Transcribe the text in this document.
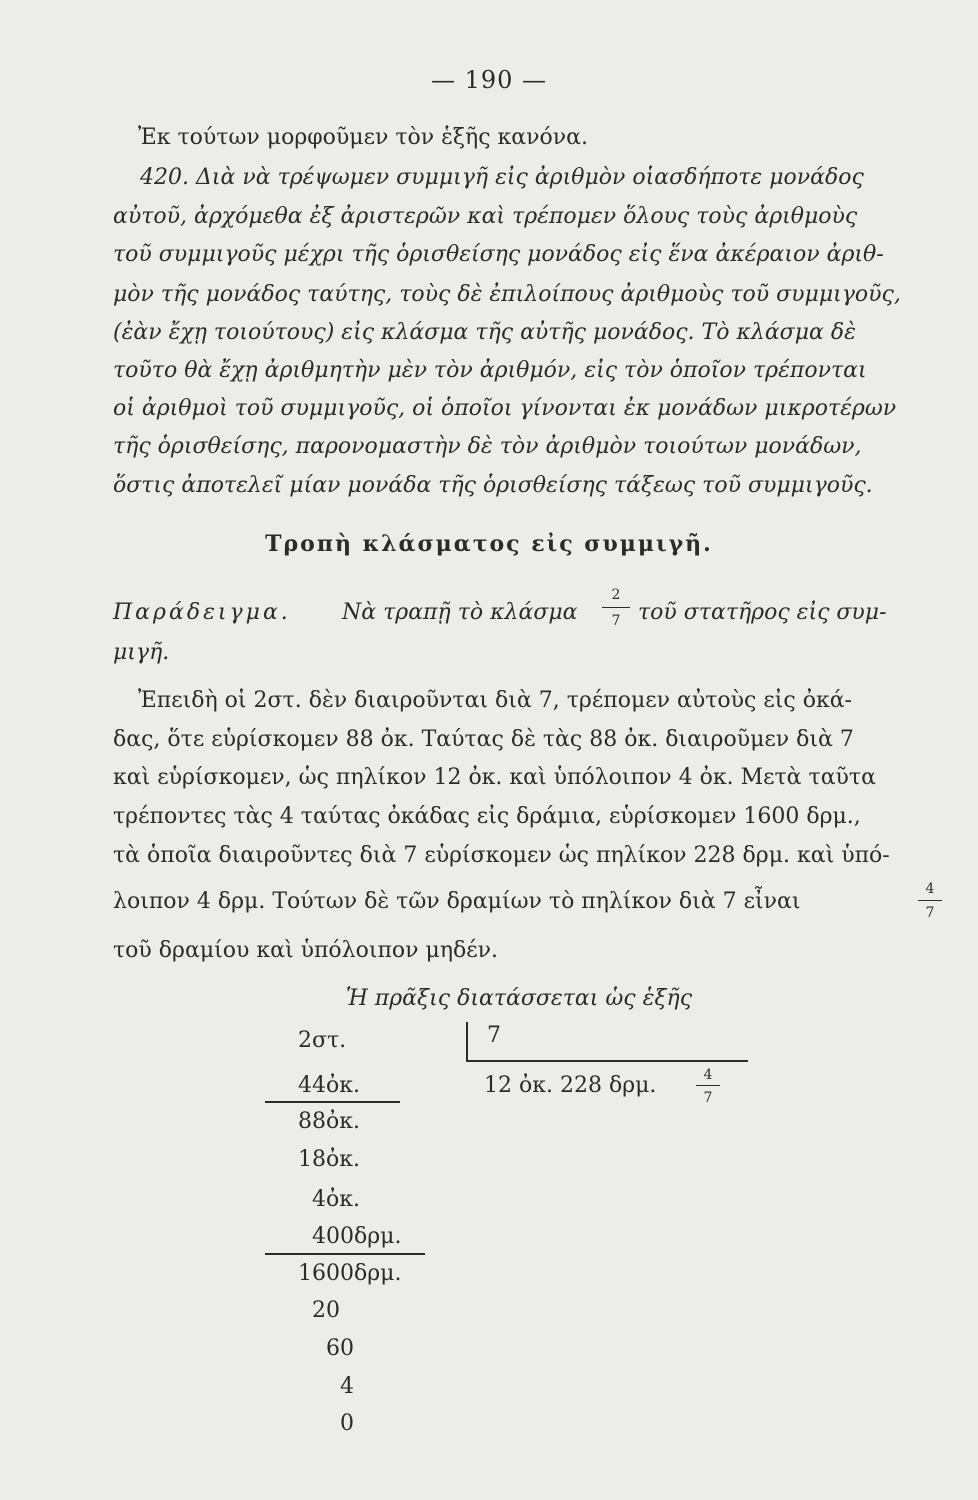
— 190 —
Ἐκ τούτων μορφοῦμεν τὸν ἑξῆς κανόνα.
420. Διὰ νὰ τρέψωμεν συμμιγῆ εἰς ἀριθμὸν οἱασδήποτε μονάδος
αὐτοῦ, ἀρχόμεθα ἐξ ἀριστερῶν καὶ τρέπομεν ὅλους τοὺς ἀριθμοὺς
τοῦ συμμιγοῦς μέχρι τῆς ὁρισθείσης μονάδος εἰς ἕνα ἀκέραιον ἀριθ-
μὸν τῆς μονάδος ταύτης, τοὺς δὲ ἐπιλοίπους ἀριθμοὺς τοῦ συμμιγοῦς,
(ἐὰν ἔχῃ τοιούτους) εἰς κλάσμα τῆς αὐτῆς μονάδος. Τὸ κλάσμα δὲ
τοῦτο θὰ ἔχῃ ἀριθμητὴν μὲν τὸν ἀριθμόν, εἰς τὸν ὁποῖον τρέπονται
οἱ ἀριθμοὶ τοῦ συμμιγοῦς, οἱ ὁποῖοι γίνονται ἐκ μονάδων μικροτέρων
τῆς ὁρισθείσης, παρονομαστὴν δὲ τὸν ἀριθμὸν τοιούτων μονάδων,
ὅστις ἀποτελεῖ μίαν μονάδα τῆς ὁρισθείσης τάξεως τοῦ συμμιγοῦς.
Τροπὴ κλάσματος εἰς συμμιγῆ.
Παράδειγμα. Νὰ τραπῇ τὸ κλάσμα
2
7 τοῦ στατῆρος εἰς συμ-
μιγῆ.
Ἐπειδὴ οἱ 2στ. δὲν διαιροῦνται διὰ 7, τρέπομεν αὐτοὺς εἰς ὀκά-
δας, ὅτε εὑρίσκομεν 88 ὀκ. Ταύτας δὲ τὰς 88 ὀκ. διαιροῦμεν διὰ 7
καὶ εὑρίσκομεν, ὡς πηλίκον 12 ὀκ. καὶ ὑπόλοιπον 4 ὀκ. Μετὰ ταῦτα
τρέποντες τὰς 4 ταύτας ὀκάδας εἰς δράμια, εὑρίσκομεν 1600 δρμ.,
τὰ ὁποῖα διαιροῦντες διὰ 7 εὑρίσκομεν ὡς πηλίκον 228 δρμ. καὶ ὑπό-
λοιπον 4 δρμ. Τούτων δὲ τῶν δραμίων τὸ πηλίκον διὰ 7 εἶναι	4
7
τοῦ δραμίου καὶ ὑπόλοιπον μηδέν.
Ἡ πρᾶξις διατάσσεται ὡς ἑξῆς
2στ.
44ὀκ.
88ὀκ.
18ὀκ.
4ὀκ.
400δρμ.
1600δρμ.
20
60
4
0
7
12 ὀκ. 228 δρμ.	4
7
